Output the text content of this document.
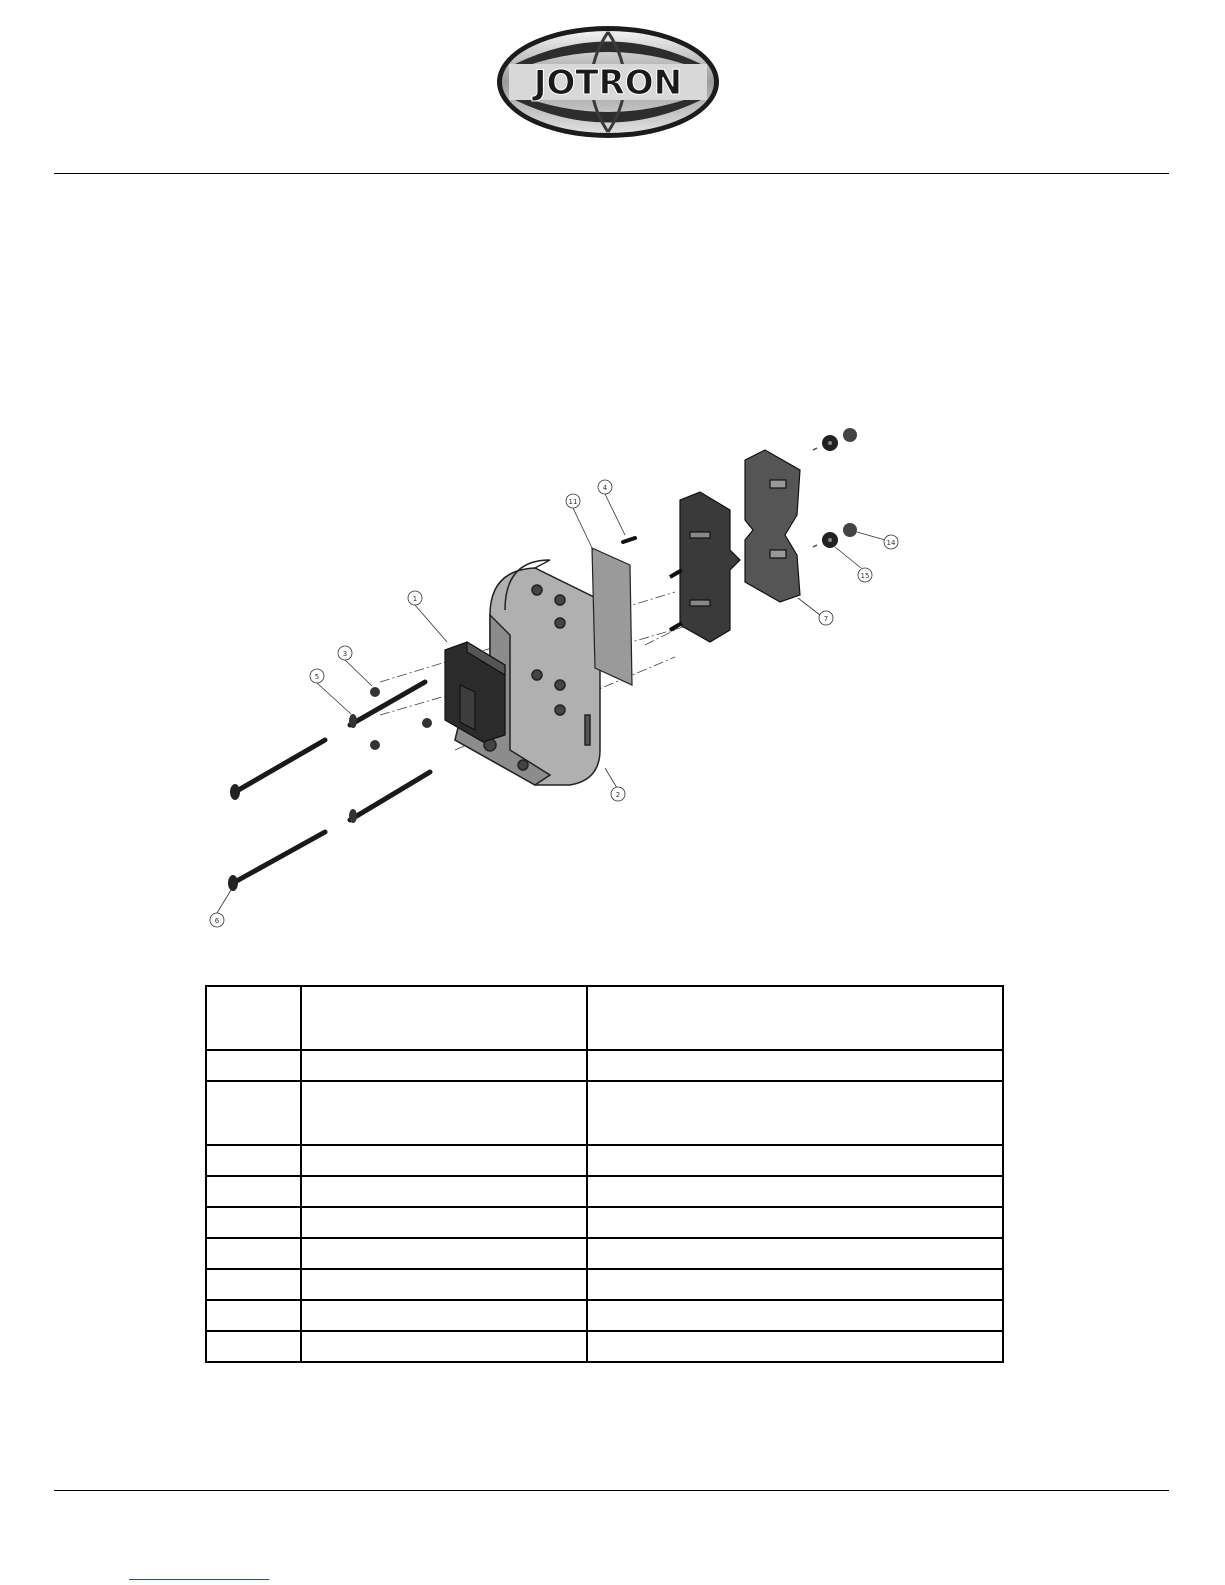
JOTRON
1
2
3
4
5
6
7
11
14
15
